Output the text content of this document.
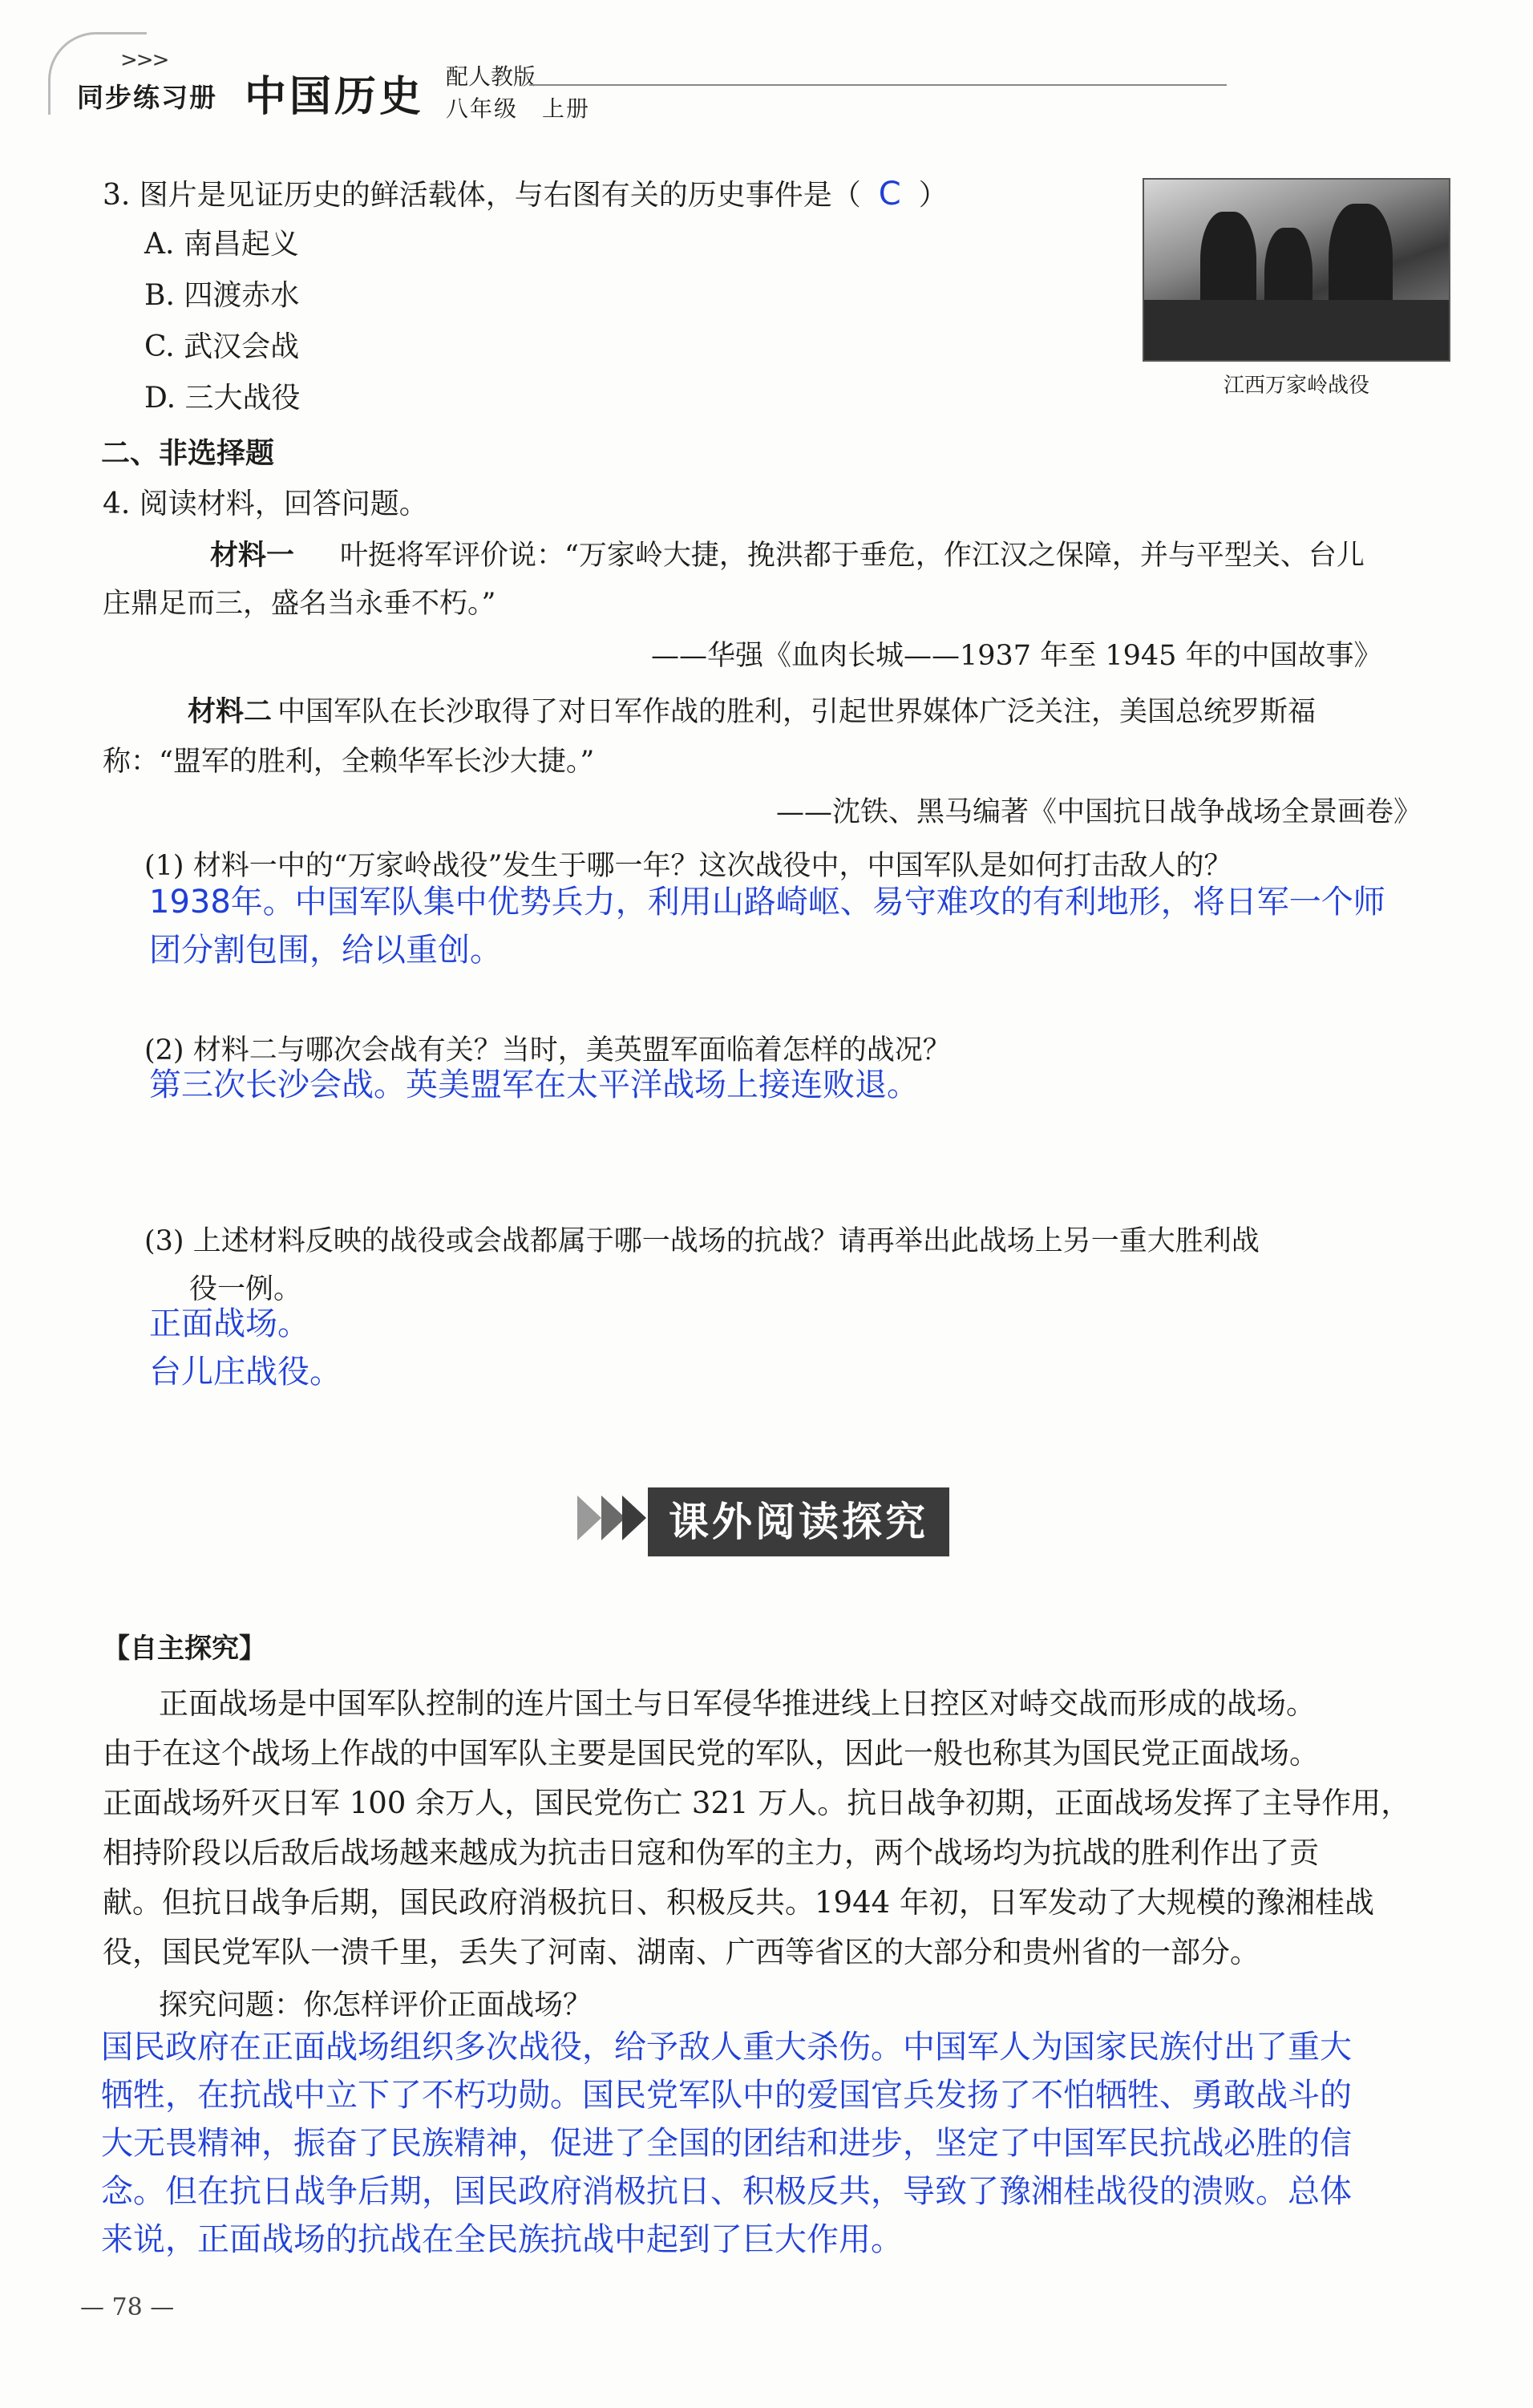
>>>
同步练习册 中国历史 配人教版
八年级　上册
3. 图片是见证历史的鲜活载体，与右图有关的历史事件是（ C ）
A. 南昌起义
B. 四渡赤水
C. 武汉会战
D. 三大战役	江西万家岭战役
二、非选择题
4. 阅读材料，回答问题。
材料一 叶挺将军评价说：“万家岭大捷，挽洪都于垂危，作江汉之保障，并与平型关、台儿
庄鼎足而三，盛名当永垂不朽。”
——华强《血肉长城——1937 年至 1945 年的中国故事》
材料二 中国军队在长沙取得了对日军作战的胜利，引起世界媒体广泛关注，美国总统罗斯福
称：“盟军的胜利，全赖华军长沙大捷。”
——沈铁、黑马编著《中国抗日战争战场全景画卷》
(1) 材料一中的“万家岭战役”发生于哪一年？这次战役中，中国军队是如何打击敌人的？
1938年。中国军队集中优势兵力，利用山路崎岖、易守难攻的有利地形，将日军一个师
团分割包围，给以重创。
(2) 材料二与哪次会战有关？当时，美英盟军面临着怎样的战况？
第三次长沙会战。英美盟军在太平洋战场上接连败退。
(3) 上述材料反映的战役或会战都属于哪一战场的抗战？请再举出此战场上另一重大胜利战
役一例。
正面战场。
台儿庄战役。
课外阅读探究
【自主探究】
正面战场是中国军队控制的连片国土与日军侵华推进线上日控区对峙交战而形成的战场。
由于在这个战场上作战的中国军队主要是国民党的军队，因此一般也称其为国民党正面战场。
正面战场歼灭日军 100 余万人，国民党伤亡 321 万人。抗日战争初期，正面战场发挥了主导作用，
相持阶段以后敌后战场越来越成为抗击日寇和伪军的主力，两个战场均为抗战的胜利作出了贡
献。但抗日战争后期，国民政府消极抗日、积极反共。1944 年初，日军发动了大规模的豫湘桂战
役，国民党军队一溃千里，丢失了河南、湖南、广西等省区的大部分和贵州省的一部分。
探究问题：你怎样评价正面战场？
国民政府在正面战场组织多次战役，给予敌人重大杀伤。中国军人为国家民族付出了重大
牺牲，在抗战中立下了不朽功勋。国民党军队中的爱国官兵发扬了不怕牺牲、勇敢战斗的
大无畏精神，振奋了民族精神，促进了全国的团结和进步，坚定了中国军民抗战必胜的信
念。但在抗日战争后期，国民政府消极抗日、积极反共，导致了豫湘桂战役的溃败。总体
来说，正面战场的抗战在全民族抗战中起到了巨大作用。
— 78 —
